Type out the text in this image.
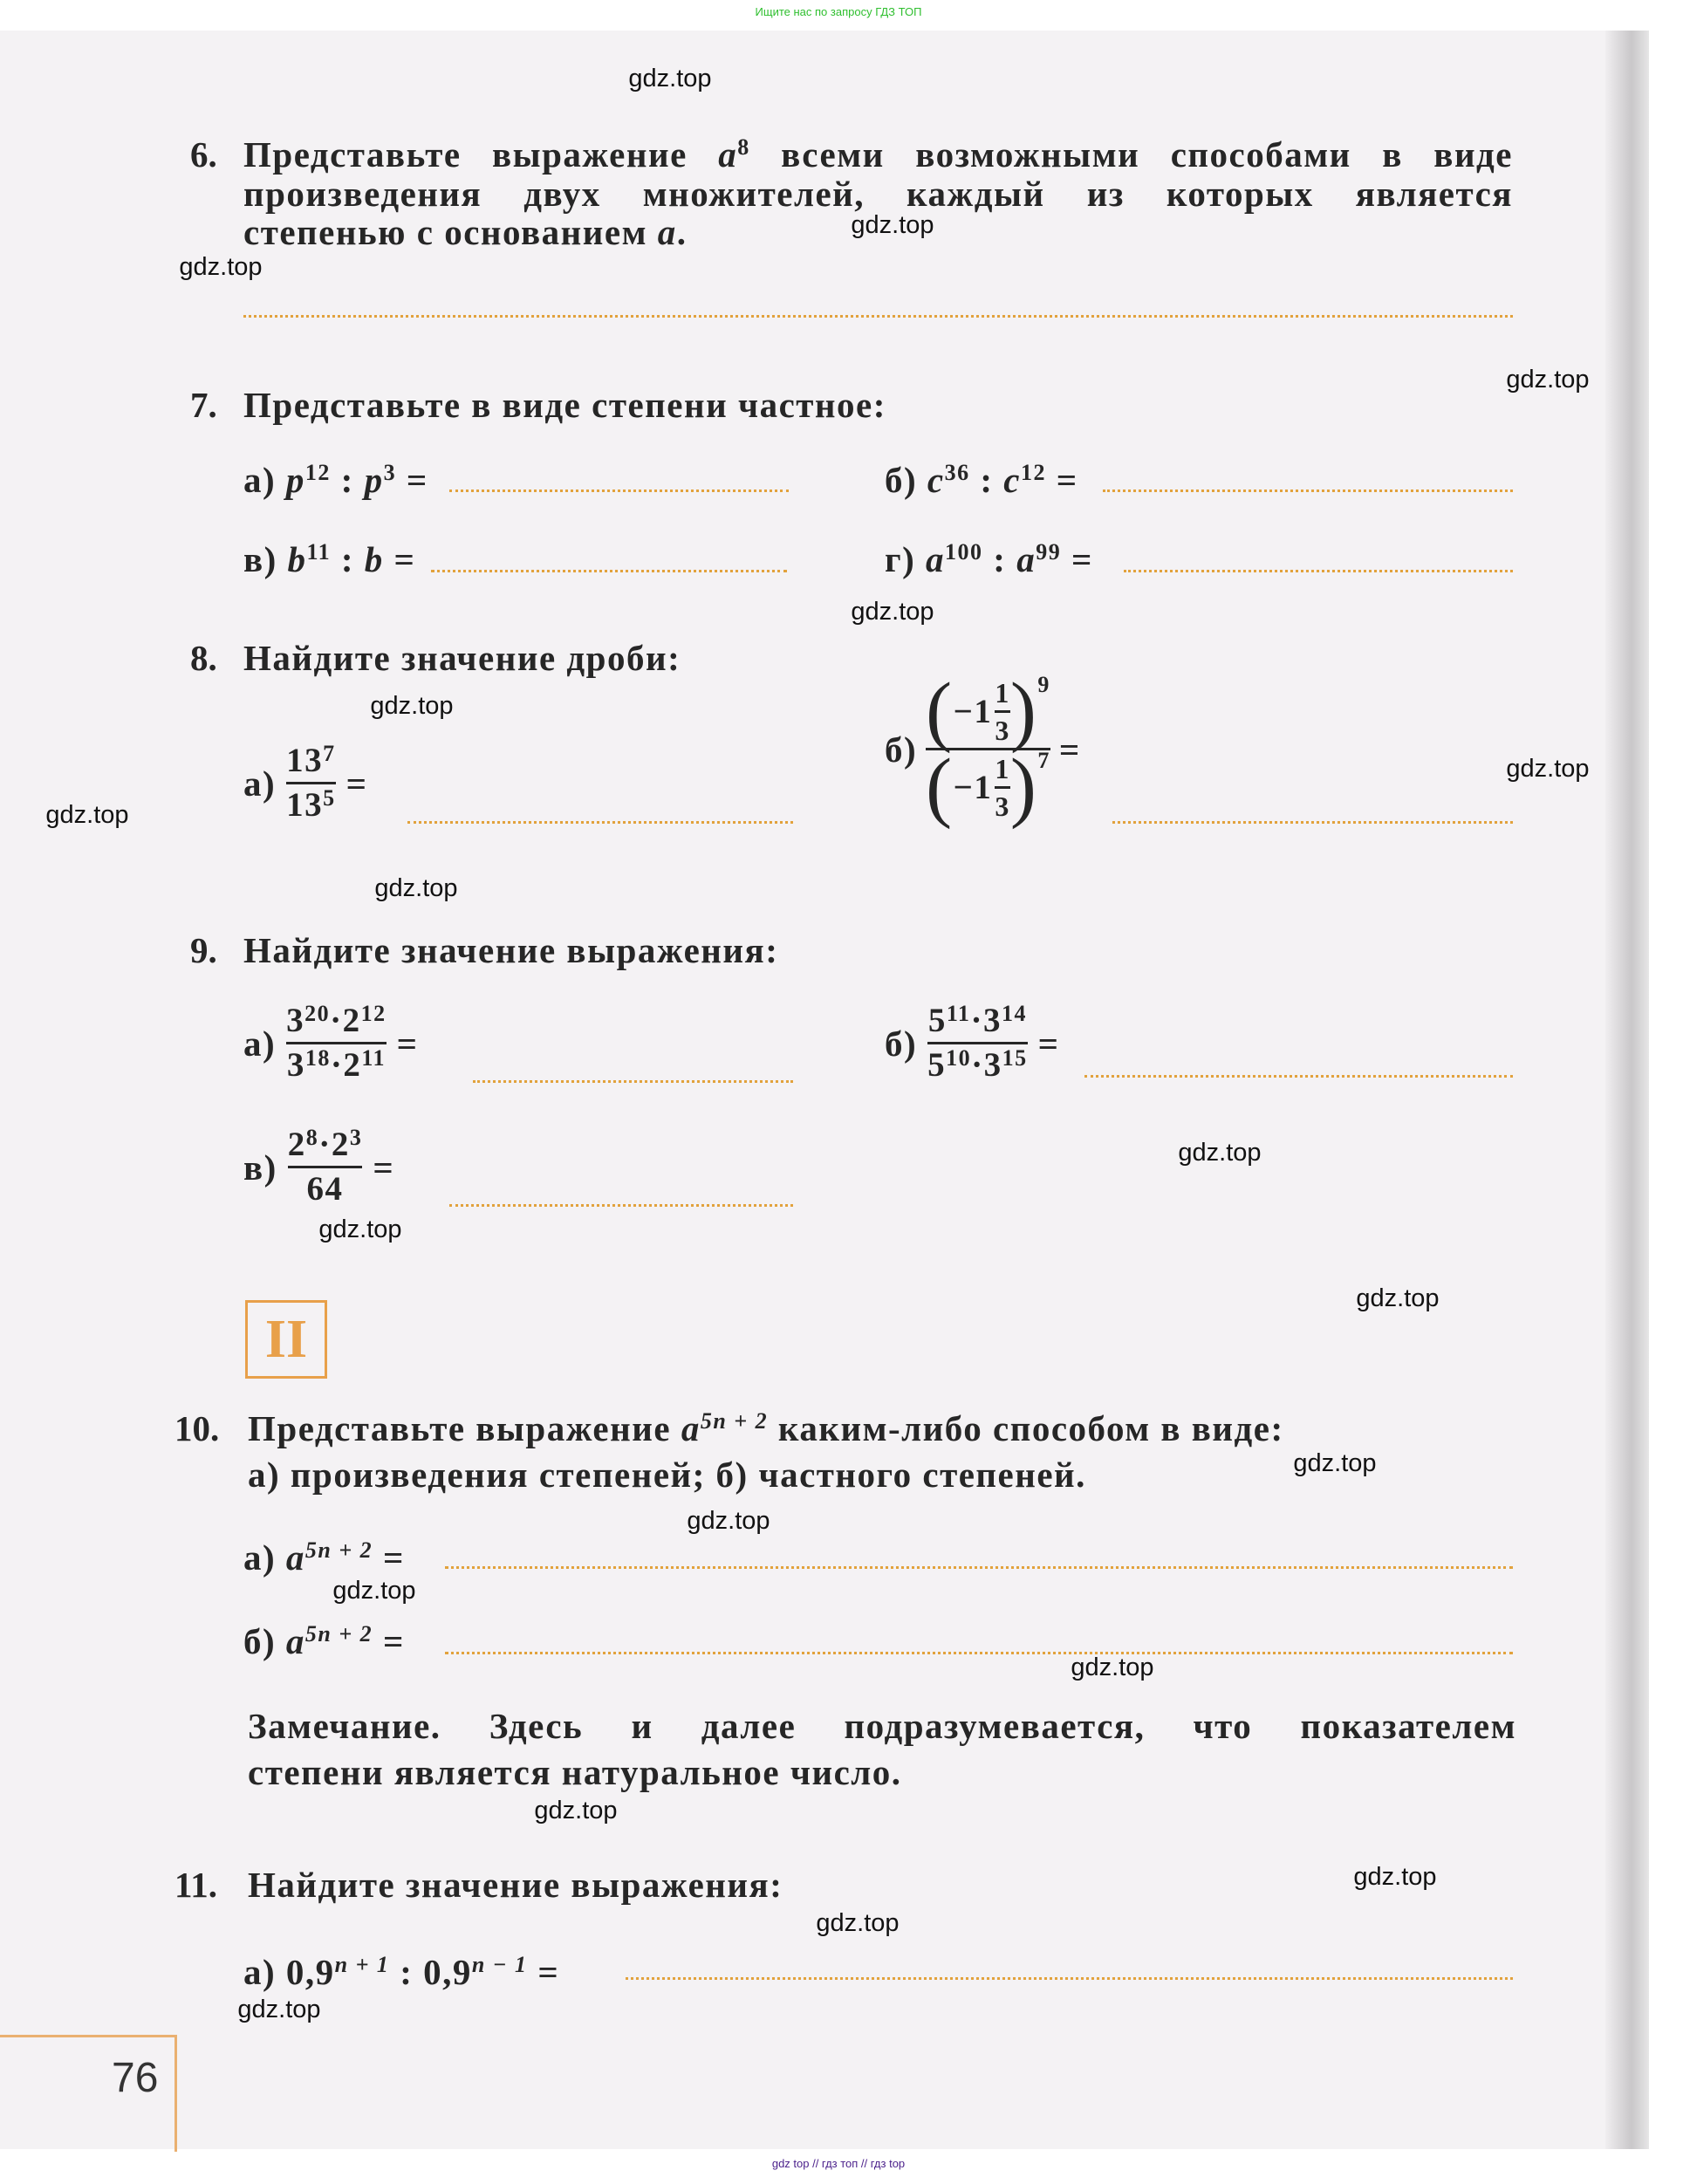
Ищите нас по запросу ГДЗ ТОП
gdz top // гдз топ // гдз top
6. Представьте выражение $a^8$ всеми возможными способами в виде
произведения двух множителей, каждый из которых является
степенью с основанием a.
7. Представьте в виде степени частное:
а) $p^{12}$ : $p^3$ =	б) $c^{36}$ : $c^{12}$ =
в) $b^{11}$ : b =	г) $a^{100}$ : $a^{99}$ =
8. Найдите значение дроби:
$а) \frac{13^7}{13^5}$ =
б) ( −1 1
3 )$^9$
( −1 1
3 )$^7$ =
9. Найдите значение выражения:
$а) \frac{3^{20}\cdot 2^{12}}{3^{18}\cdot 2^{11}}$ =	$б) \frac{5^{11}\cdot 3^{14}}{5^{10}\cdot 3^{15}}$ =
$в) \frac{2^8\cdot 2^3}{64}$ =
II
10. Представьте выражение $a^{5n + 2}$ каким-либо способом в виде:
а) произведения степеней; б) частного степеней.
а) $a^{5n + 2}$ =
б) $a^{5n + 2}$ =
Замечание. Здесь и далее подразумевается, что показателем
степени является натуральное число.
11. Найдите значение выражения:
а) $0,9^{n + 1}$ : $0,9^{n - 1}$ =
76
gdz.top
gdz.top
gdz.top
gdz.top
gdz.top
gdz.top
gdz.top
gdz.top
gdz.top
gdz.top
gdz.top
gdz.top
gdz.top
gdz.top
gdz.top
gdz.top
gdz.top
gdz.top
gdz.top
gdz.top
